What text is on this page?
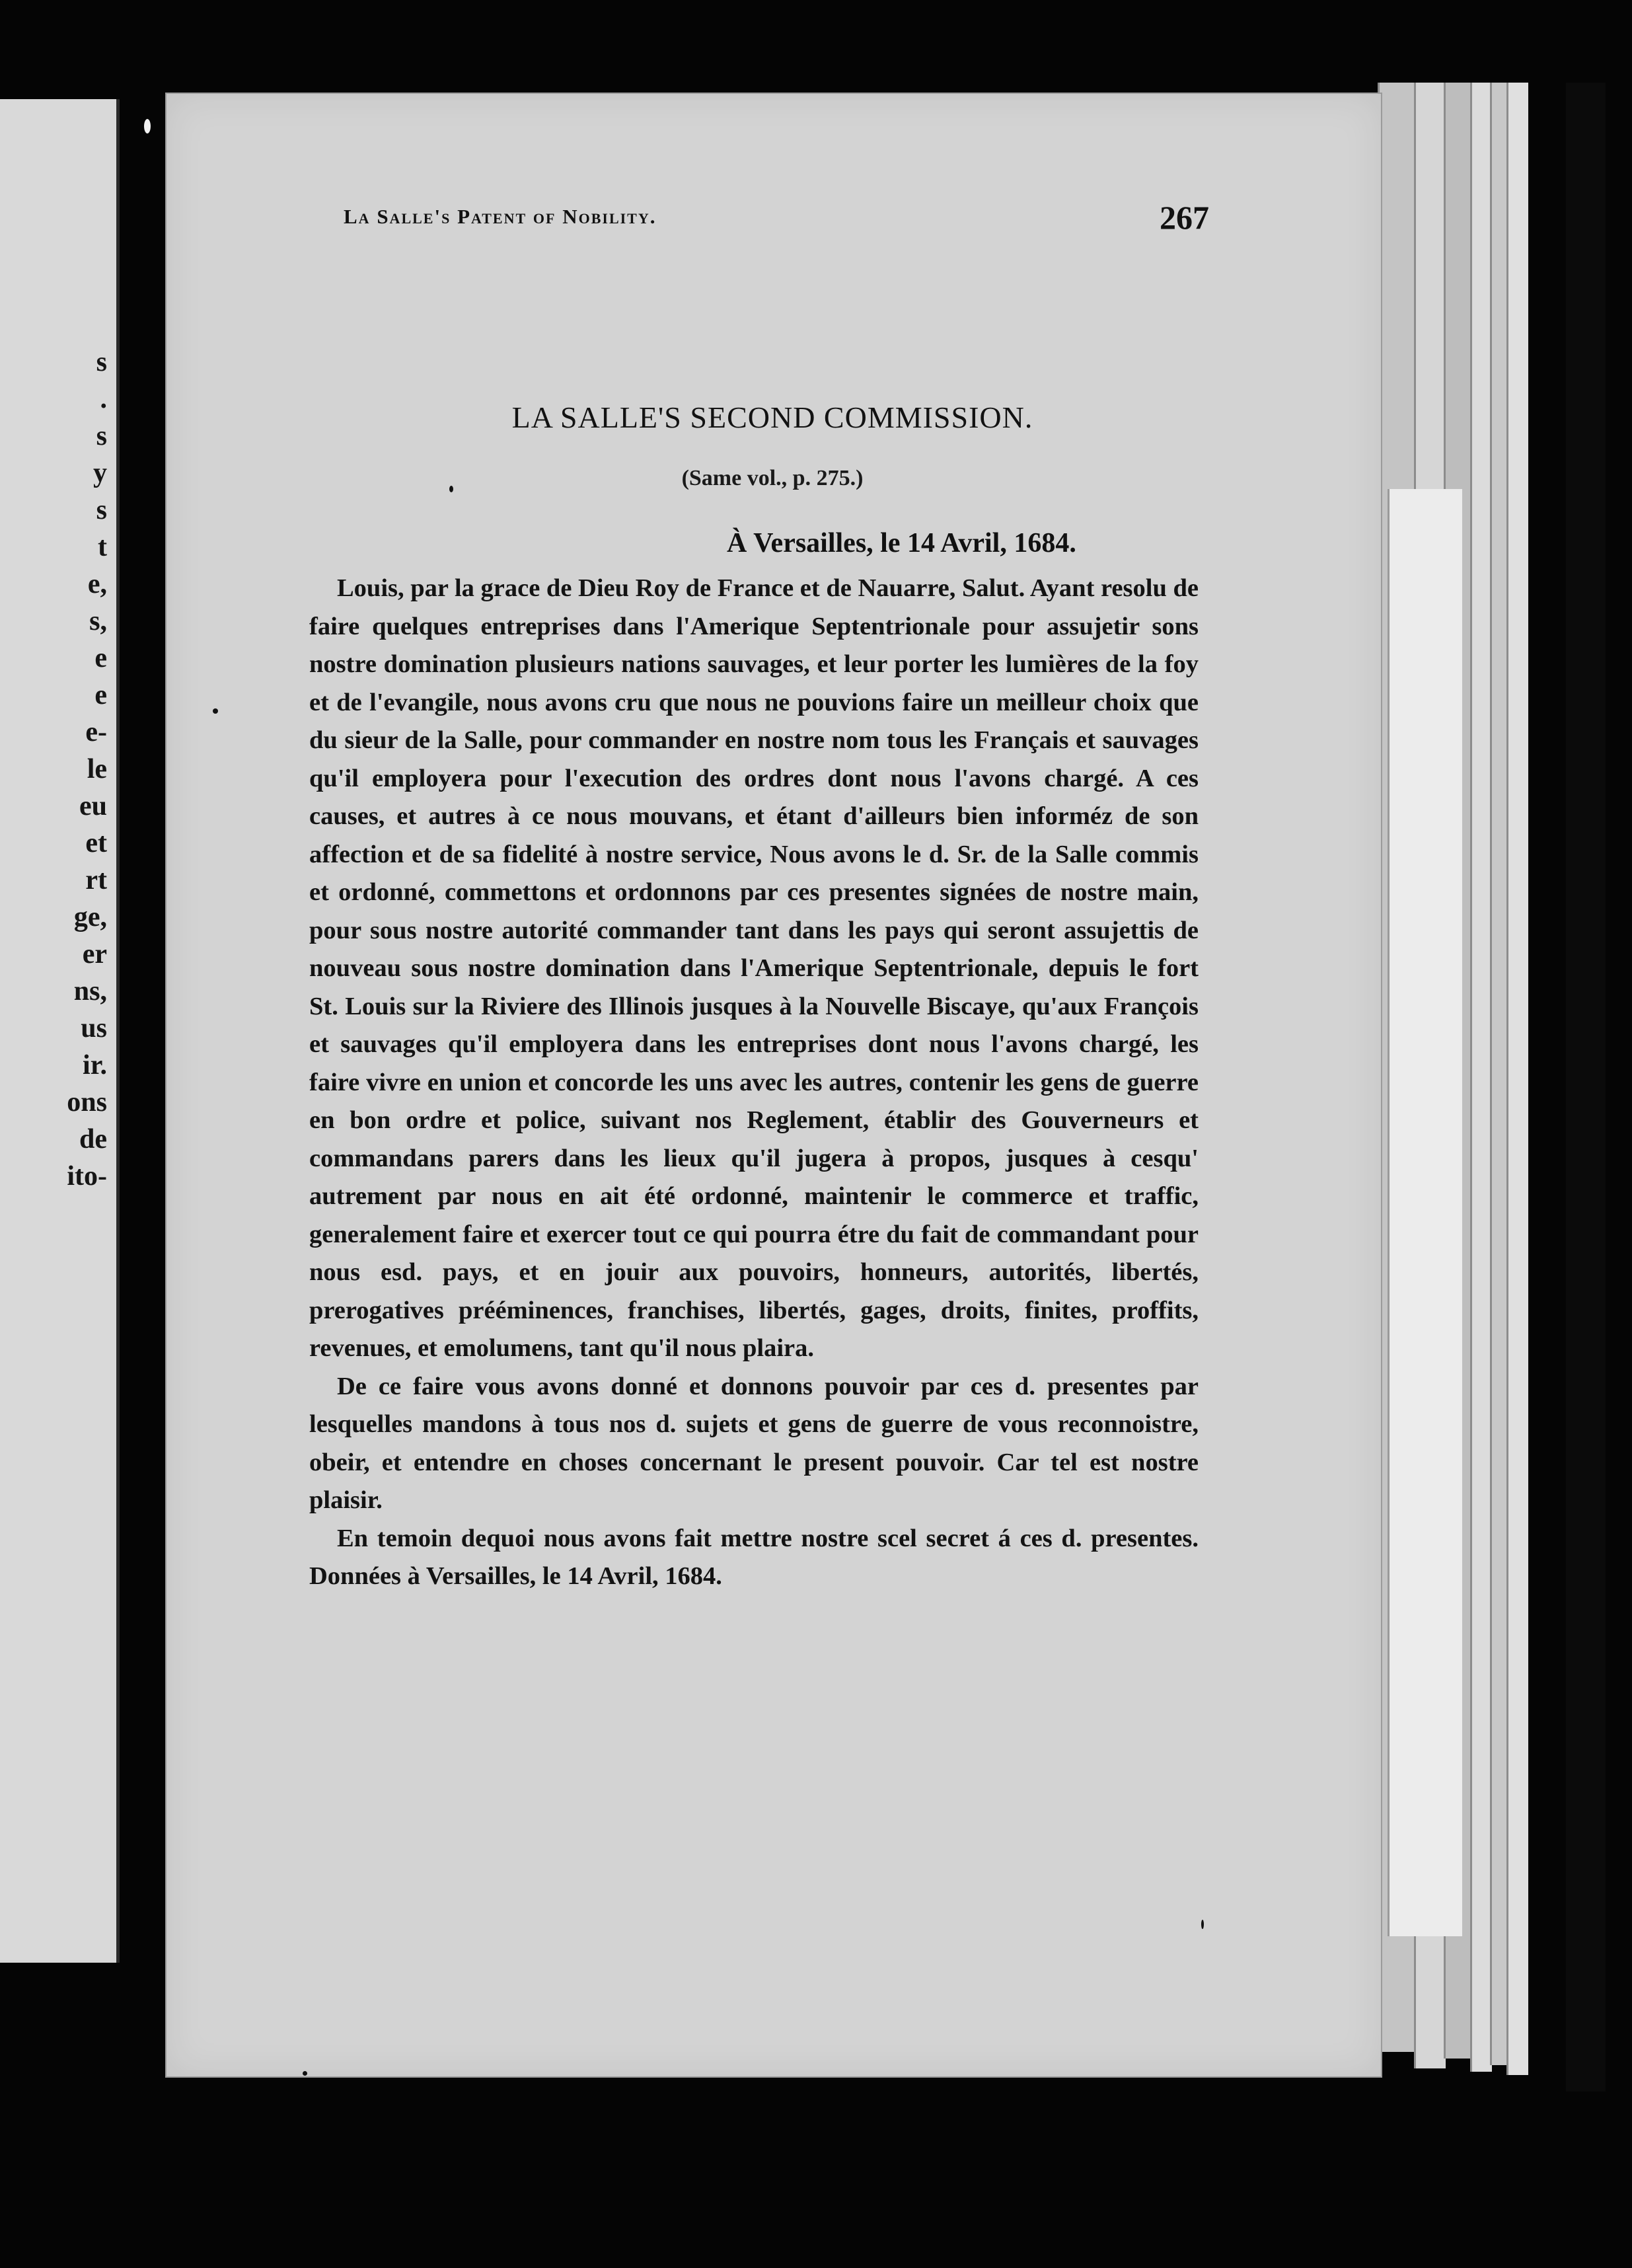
s
.
s
y
s
t
e,
s,
e
e
e-
le
eu
et
rt
ge,
er
ns,
us
ir.
ons
de
ito-
La Salle's Patent of Nobility.	267
LA SALLE'S SECOND COMMISSION.
(Same vol., p. 275.)
À Versailles, le 14 Avril, 1684.

Louis, par la grace de Dieu Roy de France et de Nauarre, Salut. Ayant resolu de faire quelques entreprises dans l'Amerique Septentrionale pour assujetir sons nostre domination plusieurs nations sauvages, et leur porter les lumières de la foy et de l'evangile, nous avons cru que nous ne pouvions faire un meilleur choix que du sieur de la Salle, pour commander en nostre nom tous les Français et sauvages qu'il employera pour l'execution des ordres dont nous l'avons chargé. A ces causes, et autres à ce nous mouvans, et étant d'ailleurs bien informéz de son affection et de sa fidelité à nostre service, Nous avons le d. Sr. de la Salle commis et ordonné, commettons et ordonnons par ces presentes signées de nostre main, pour sous nostre autorité commander tant dans les pays qui seront assujettis de nouveau sous nostre domination dans l'Amerique Septentrionale, depuis le fort St. Louis sur la Riviere des Illinois jusques à la Nouvelle Biscaye, qu'aux François et sauvages qu'il employera dans les entreprises dont nous l'avons chargé, les faire vivre en union et concorde les uns avec les autres, contenir les gens de guerre en bon ordre et police, suivant nos Reglement, établir des Gouverneurs et commandans parers dans les lieux qu'il jugera à propos, jusques à cesqu' autrement par nous en ait été ordonné, maintenir le commerce et traffic, generalement faire et exercer tout ce qui pourra étre du fait de commandant pour nous esd. pays, et en jouir aux pouvoirs, honneurs, autorités, libertés, prerogatives prééminences, franchises, libertés, gages, droits, finites, proffits, revenues, et emolumens, tant qu'il nous plaira.

De ce faire vous avons donné et donnons pouvoir par ces d. presentes par lesquelles mandons à tous nos d. sujets et gens de guerre de vous reconnoistre, obeir, et entendre en choses concernant le present pouvoir. Car tel est nostre plaisir.

En temoin dequoi nous avons fait mettre nostre scel secret á ces d. presentes. Données à Versailles, le 14 Avril, 1684.
